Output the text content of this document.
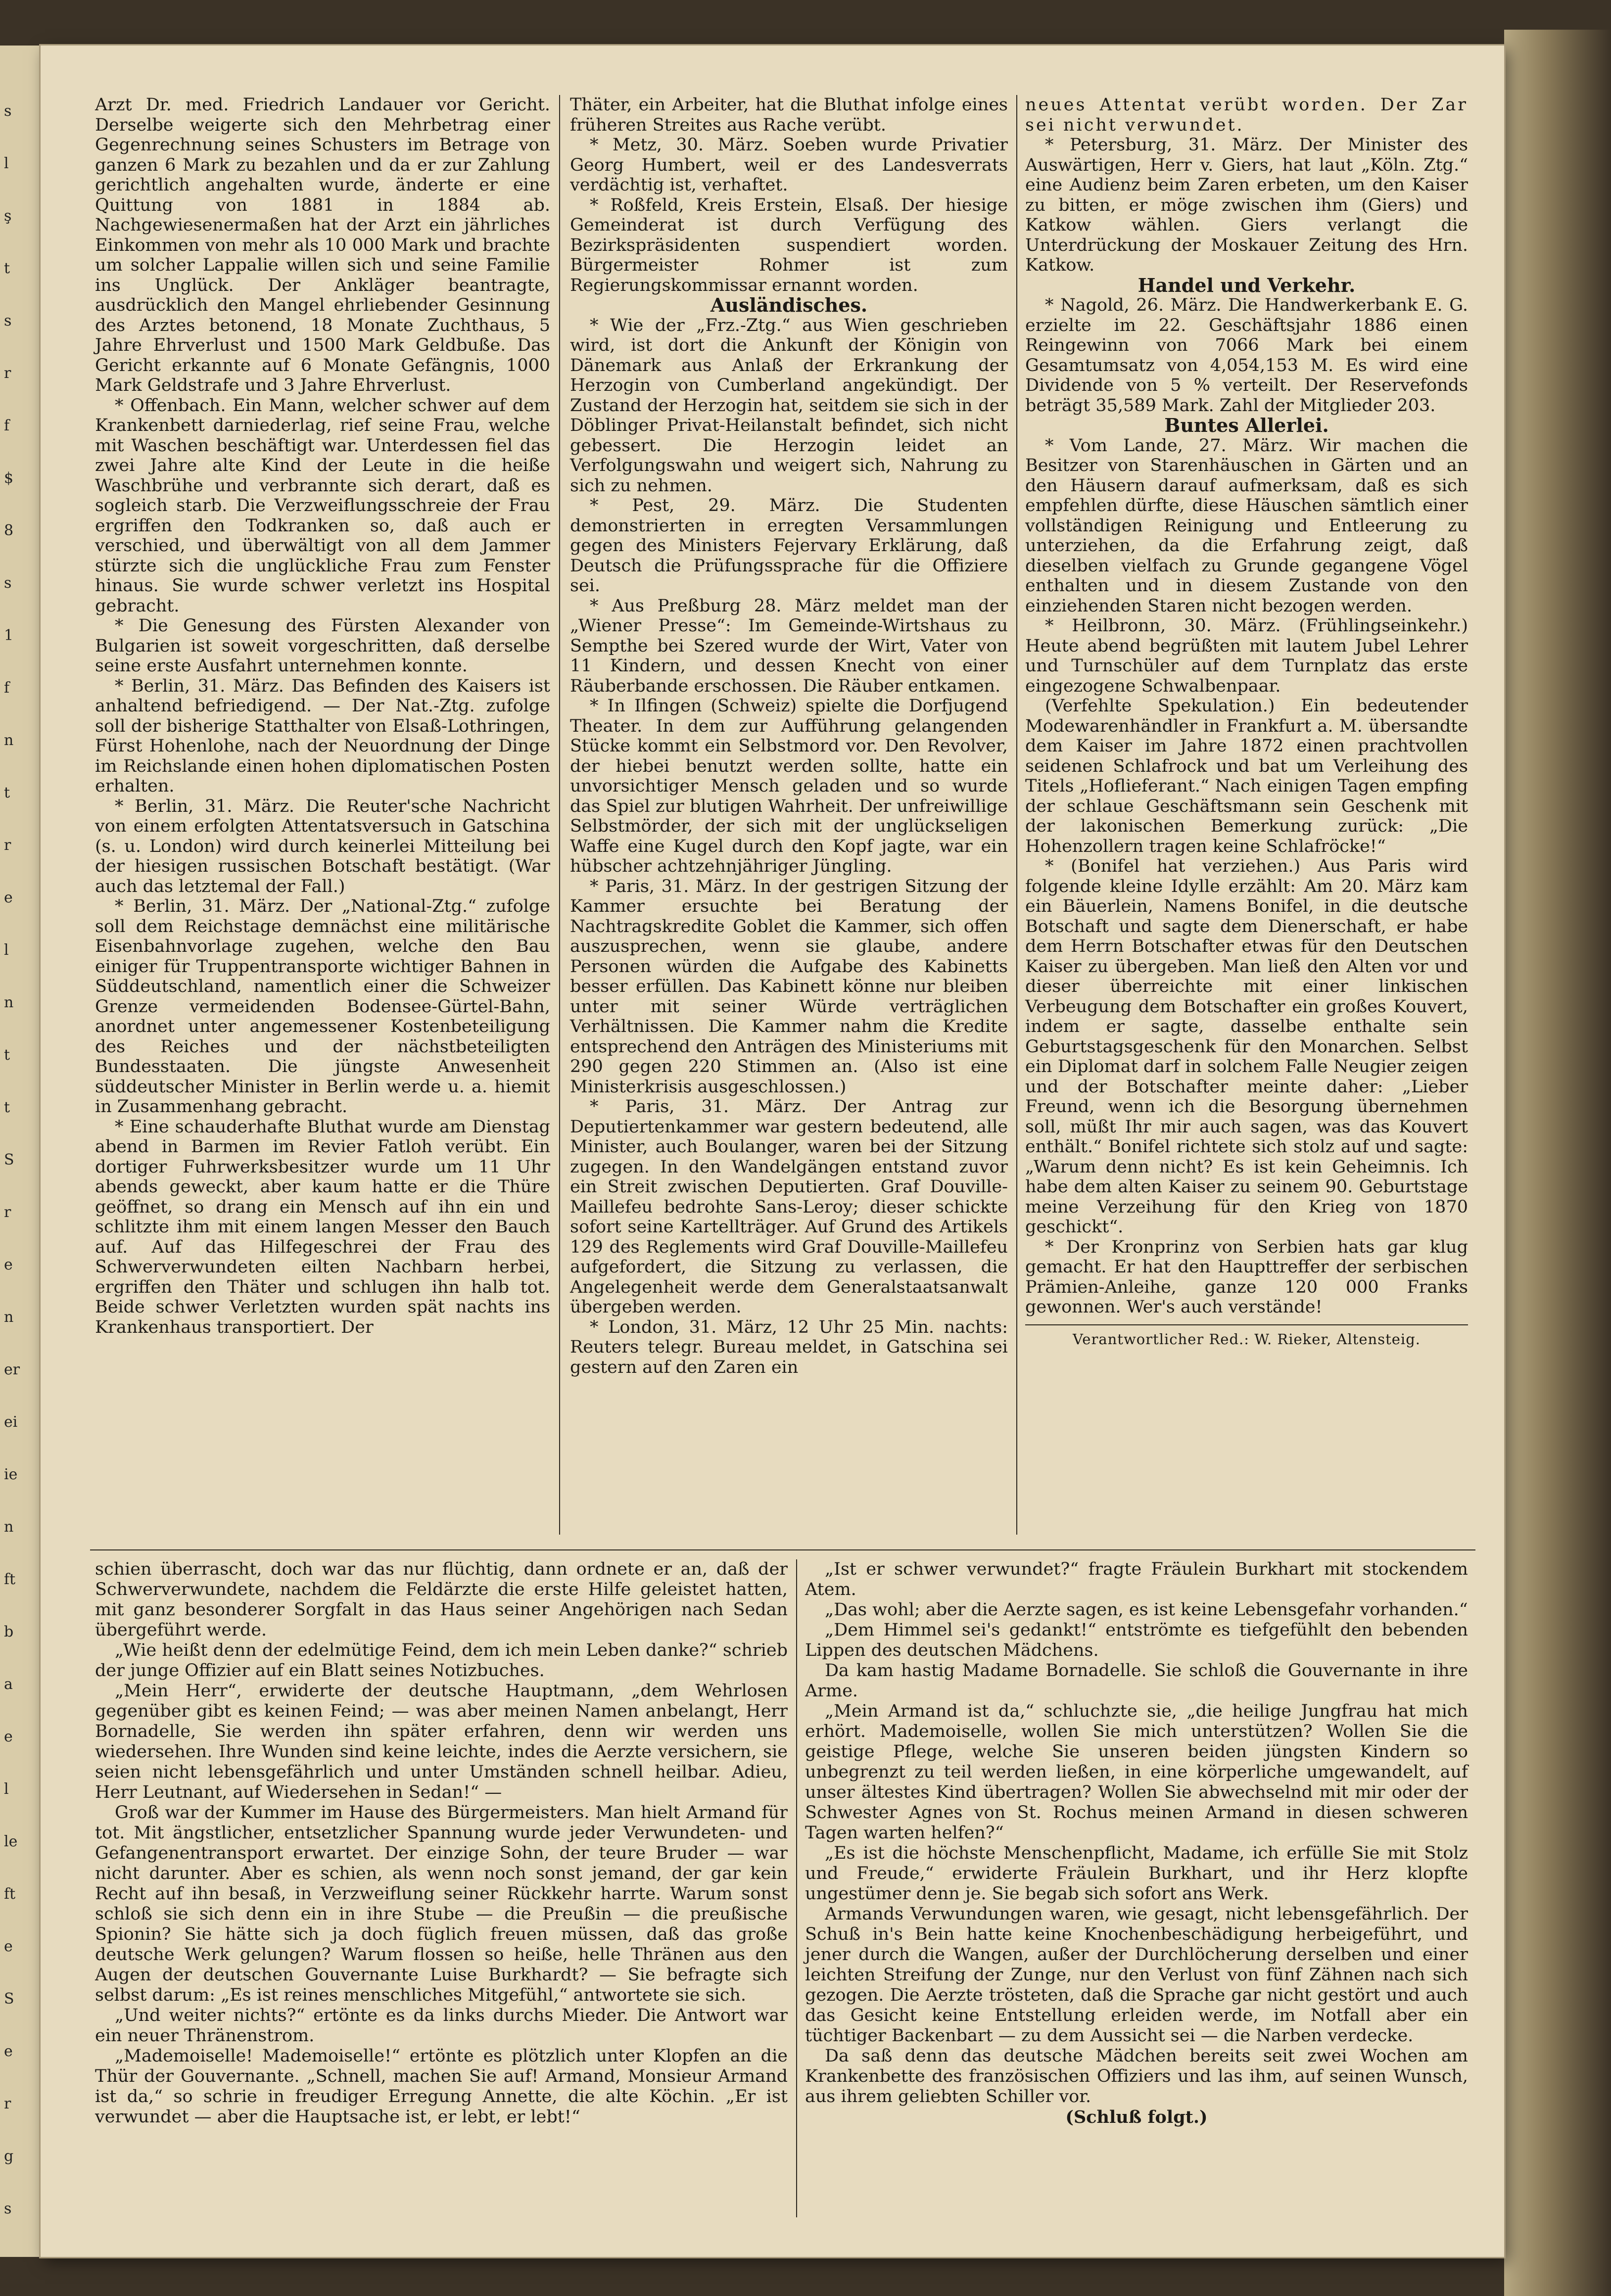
Arzt Dr. med. Friedrich Landauer vor Gericht. Derselbe weigerte sich den Mehrbetrag einer Gegenrechnung seines Schusters im Betrage von ganzen 6 Mark zu bezahlen und da er zur Zahlung gerichtlich angehalten wurde, änderte er eine Quittung von 1881 in 1884 ab. Nachgewiesenermaßen hat der Arzt ein jährliches Einkommen von mehr als 10 000 Mark und brachte um solcher Lappalie willen sich und seine Familie ins Unglück. Der Ankläger beantragte, ausdrücklich den Mangel ehrliebender Gesinnung des Arztes betonend, 18 Monate Zuchthaus, 5 Jahre Ehrverlust und 1500 Mark Geldbuße. Das Gericht erkannte auf 6 Monate Gefängnis, 1000 Mark Geldstrafe und 3 Jahre Ehrverlust.

* Offenbach. Ein Mann, welcher schwer auf dem Krankenbett darniederlag, rief seine Frau, welche mit Waschen beschäftigt war. Unterdessen fiel das zwei Jahre alte Kind der Leute in die heiße Waschbrühe und verbrannte sich derart, daß es sogleich starb. Die Verzweiflungsschreie der Frau ergriffen den Todkranken so, daß auch er verschied, und überwältigt von all dem Jammer stürzte sich die unglückliche Frau zum Fenster hinaus. Sie wurde schwer verletzt ins Hospital gebracht.

* Die Genesung des Fürsten Alexander von Bulgarien ist soweit vorgeschritten, daß derselbe seine erste Ausfahrt unternehmen konnte.

* Berlin, 31. März. Das Befinden des Kaisers ist anhaltend befriedigend. — Der Nat.-Ztg. zufolge soll der bisherige Statthalter von Elsaß-Lothringen, Fürst Hohenlohe, nach der Neuordnung der Dinge im Reichslande einen hohen diplomatischen Posten erhalten.

* Berlin, 31. März. Die Reuter'sche Nachricht von einem erfolgten Attentatsversuch in Gatschina (s. u. London) wird durch keinerlei Mitteilung bei der hiesigen russischen Botschaft bestätigt. (War auch das letztemal der Fall.)

* Berlin, 31. März. Der „National-Ztg.“ zufolge soll dem Reichstage demnächst eine militärische Eisenbahnvorlage zugehen, welche den Bau einiger für Truppentransporte wichtiger Bahnen in Süddeutschland, namentlich einer die Schweizer Grenze vermeidenden Bodensee-Gürtel-Bahn, anordnet unter angemessener Kostenbeteiligung des Reiches und der nächstbeteiligten Bundesstaaten. Die jüngste Anwesenheit süddeutscher Minister in Berlin werde u. a. hiemit in Zusammenhang gebracht.

* Eine schauderhafte Bluthat wurde am Dienstag abend in Barmen im Revier Fatloh verübt. Ein dortiger Fuhrwerksbesitzer wurde um 11 Uhr abends geweckt, aber kaum hatte er die Thüre geöffnet, so drang ein Mensch auf ihn ein und schlitzte ihm mit einem langen Messer den Bauch auf. Auf das Hilfegeschrei der Frau des Schwerverwundeten eilten Nachbarn herbei, ergriffen den Thäter und schlugen ihn halb tot. Beide schwer Verletzten wurden spät nachts ins Krankenhaus transportiert. Der

Thäter, ein Arbeiter, hat die Bluthat infolge eines früheren Streites aus Rache verübt.

* Metz, 30. März. Soeben wurde Privatier Georg Humbert, weil er des Landesverrats verdächtig ist, verhaftet.

* Roßfeld, Kreis Erstein, Elsaß. Der hiesige Gemeinderat ist durch Verfügung des Bezirkspräsidenten suspendiert worden. Bürgermeister Rohmer ist zum Regierungskommissar ernannt worden.

Ausländisches.

* Wie der „Frz.-Ztg.“ aus Wien geschrieben wird, ist dort die Ankunft der Königin von Dänemark aus Anlaß der Erkrankung der Herzogin von Cumberland angekündigt. Der Zustand der Herzogin hat, seitdem sie sich in der Döblinger Privat-Heilanstalt befindet, sich nicht gebessert. Die Herzogin leidet an Verfolgungswahn und weigert sich, Nahrung zu sich zu nehmen.

* Pest, 29. März. Die Studenten demonstrierten in erregten Versammlungen gegen des Ministers Fejervary Erklärung, daß Deutsch die Prüfungssprache für die Offiziere sei.

* Aus Preßburg 28. März meldet man der „Wiener Presse“: Im Gemeinde-Wirtshaus zu Sempthe bei Szered wurde der Wirt, Vater von 11 Kindern, und dessen Knecht von einer Räuberbande erschossen. Die Räuber entkamen.

* In Ilfingen (Schweiz) spielte die Dorfjugend Theater. In dem zur Aufführung gelangenden Stücke kommt ein Selbstmord vor. Den Revolver, der hiebei benutzt werden sollte, hatte ein unvorsichtiger Mensch geladen und so wurde das Spiel zur blutigen Wahrheit. Der unfreiwillige Selbstmörder, der sich mit der unglückseligen Waffe eine Kugel durch den Kopf jagte, war ein hübscher achtzehnjähriger Jüngling.

* Paris, 31. März. In der gestrigen Sitzung der Kammer ersuchte bei Beratung der Nachtragskredite Goblet die Kammer, sich offen auszusprechen, wenn sie glaube, andere Personen würden die Aufgabe des Kabinetts besser erfüllen. Das Kabinett könne nur bleiben unter mit seiner Würde verträglichen Verhältnissen. Die Kammer nahm die Kredite entsprechend den Anträgen des Ministeriums mit 290 gegen 220 Stimmen an. (Also ist eine Ministerkrisis ausgeschlossen.)

* Paris, 31. März. Der Antrag zur Deputiertenkammer war gestern bedeutend, alle Minister, auch Boulanger, waren bei der Sitzung zugegen. In den Wandelgängen entstand zuvor ein Streit zwischen Deputierten. Graf Douville-Maillefeu bedrohte Sans-Leroy; dieser schickte sofort seine Kartellträger. Auf Grund des Artikels 129 des Reglements wird Graf Douville-Maillefeu aufgefordert, die Sitzung zu verlassen, die Angelegenheit werde dem Generalstaatsanwalt übergeben werden.

* London, 31. März, 12 Uhr 25 Min. nachts: Reuters telegr. Bureau meldet, in Gatschina sei gestern auf den Zaren ein

neues Attentat verübt worden. Der Zar sei nicht verwundet.

* Petersburg, 31. März. Der Minister des Auswärtigen, Herr v. Giers, hat laut „Köln. Ztg.“ eine Audienz beim Zaren erbeten, um den Kaiser zu bitten, er möge zwischen ihm (Giers) und Katkow wählen. Giers verlangt die Unterdrückung der Moskauer Zeitung des Hrn. Katkow.

Handel und Verkehr.

* Nagold, 26. März. Die Handwerkerbank E. G. erzielte im 22. Geschäftsjahr 1886 einen Reingewinn von 7066 Mark bei einem Gesamtumsatz von 4,054,153 M. Es wird eine Dividende von 5 % verteilt. Der Reservefonds beträgt 35,589 Mark. Zahl der Mitglieder 203.

Buntes Allerlei.

* Vom Lande, 27. März. Wir machen die Besitzer von Starenhäuschen in Gärten und an den Häusern darauf aufmerksam, daß es sich empfehlen dürfte, diese Häuschen sämtlich einer vollständigen Reinigung und Entleerung zu unterziehen, da die Erfahrung zeigt, daß dieselben vielfach zu Grunde gegangene Vögel enthalten und in diesem Zustande von den einziehenden Staren nicht bezogen werden.

* Heilbronn, 30. März. (Frühlingseinkehr.) Heute abend begrüßten mit lautem Jubel Lehrer und Turnschüler auf dem Turnplatz das erste eingezogene Schwalbenpaar.

(Verfehlte Spekulation.) Ein bedeutender Modewarenhändler in Frankfurt a. M. übersandte dem Kaiser im Jahre 1872 einen prachtvollen seidenen Schlafrock und bat um Verleihung des Titels „Hoflieferant.“ Nach einigen Tagen empfing der schlaue Geschäftsmann sein Geschenk mit der lakonischen Bemerkung zurück: „Die Hohenzollern tragen keine Schlafröcke!“

* (Bonifel hat verziehen.) Aus Paris wird folgende kleine Idylle erzählt: Am 20. März kam ein Bäuerlein, Namens Bonifel, in die deutsche Botschaft und sagte dem Dienerschaft, er habe dem Herrn Botschafter etwas für den Deutschen Kaiser zu übergeben. Man ließ den Alten vor und dieser überreichte mit einer linkischen Verbeugung dem Botschafter ein großes Kouvert, indem er sagte, dasselbe enthalte sein Geburtstagsgeschenk für den Monarchen. Selbst ein Diplomat darf in solchem Falle Neugier zeigen und der Botschafter meinte daher: „Lieber Freund, wenn ich die Besorgung übernehmen soll, müßt Ihr mir auch sagen, was das Kouvert enthält.“ Bonifel richtete sich stolz auf und sagte: „Warum denn nicht? Es ist kein Geheimnis. Ich habe dem alten Kaiser zu seinem 90. Geburtstage meine Verzeihung für den Krieg von 1870 geschickt“.

* Der Kronprinz von Serbien hats gar klug gemacht. Er hat den Haupttreffer der serbischen Prämien-Anleihe, ganze 120 000 Franks gewonnen. Wer's auch verstände!

Verantwortlicher Red.: W. Rieker, Altensteig.

schien überrascht, doch war das nur flüchtig, dann ordnete er an, daß der Schwerverwundete, nachdem die Feldärzte die erste Hilfe geleistet hatten, mit ganz besonderer Sorgfalt in das Haus seiner Angehörigen nach Sedan übergeführt werde.

„Wie heißt denn der edelmütige Feind, dem ich mein Leben danke?“ schrieb der junge Offizier auf ein Blatt seines Notizbuches.

„Mein Herr“, erwiderte der deutsche Hauptmann, „dem Wehrlosen gegenüber gibt es keinen Feind; — was aber meinen Namen anbelangt, Herr Bornadelle, Sie werden ihn später erfahren, denn wir werden uns wiedersehen. Ihre Wunden sind keine leichte, indes die Aerzte versichern, sie seien nicht lebensgefährlich und unter Umständen schnell heilbar. Adieu, Herr Leutnant, auf Wiedersehen in Sedan!“ —

Groß war der Kummer im Hause des Bürgermeisters. Man hielt Armand für tot. Mit ängstlicher, entsetzlicher Spannung wurde jeder Verwundeten- und Gefangenentransport erwartet. Der einzige Sohn, der teure Bruder — war nicht darunter. Aber es schien, als wenn noch sonst jemand, der gar kein Recht auf ihn besaß, in Verzweiflung seiner Rückkehr harrte. Warum sonst schloß sie sich denn ein in ihre Stube — die Preußin — die preußische Spionin? Sie hätte sich ja doch füglich freuen müssen, daß das große deutsche Werk gelungen? Warum flossen so heiße, helle Thränen aus den Augen der deutschen Gouvernante Luise Burkhardt? — Sie befragte sich selbst darum: „Es ist reines menschliches Mitgefühl,“ antwortete sie sich.

„Und weiter nichts?“ ertönte es da links durchs Mieder. Die Antwort war ein neuer Thränenstrom.

„Mademoiselle! Mademoiselle!“ ertönte es plötzlich unter Klopfen an die Thür der Gouvernante. „Schnell, machen Sie auf! Armand, Monsieur Armand ist da,“ so schrie in freudiger Erregung Annette, die alte Köchin. „Er ist verwundet — aber die Hauptsache ist, er lebt, er lebt!“

„Ist er schwer verwundet?“ fragte Fräulein Burkhart mit stockendem Atem.

„Das wohl; aber die Aerzte sagen, es ist keine Lebensgefahr vorhanden.“

„Dem Himmel sei's gedankt!“ entströmte es tiefgefühlt den bebenden Lippen des deutschen Mädchens.

Da kam hastig Madame Bornadelle. Sie schloß die Gouvernante in ihre Arme.

„Mein Armand ist da,“ schluchzte sie, „die heilige Jungfrau hat mich erhört. Mademoiselle, wollen Sie mich unterstützen? Wollen Sie die geistige Pflege, welche Sie unseren beiden jüngsten Kindern so unbegrenzt zu teil werden ließen, in eine körperliche umgewandelt, auf unser ältestes Kind übertragen? Wollen Sie abwechselnd mit mir oder der Schwester Agnes von St. Rochus meinen Armand in diesen schweren Tagen warten helfen?“

„Es ist die höchste Menschenpflicht, Madame, ich erfülle Sie mit Stolz und Freude,“ erwiderte Fräulein Burkhart, und ihr Herz klopfte ungestümer denn je. Sie begab sich sofort ans Werk.

Armands Verwundungen waren, wie gesagt, nicht lebensgefährlich. Der Schuß in's Bein hatte keine Knochenbeschädigung herbeigeführt, und jener durch die Wangen, außer der Durchlöcherung derselben und einer leichten Streifung der Zunge, nur den Verlust von fünf Zähnen nach sich gezogen. Die Aerzte trösteten, daß die Sprache gar nicht gestört und auch das Gesicht keine Entstellung erleiden werde, im Notfall aber ein tüchtiger Backenbart — zu dem Aussicht sei — die Narben verdecke.

Da saß denn das deutsche Mädchen bereits seit zwei Wochen am Krankenbette des französischen Offiziers und las ihm, auf seinen Wunsch, aus ihrem geliebten Schiller vor.

(Schluß folgt.)

s
l
ş
t
s
r
f
$
8
s
1
f
n
t
r
e
l
n
t
t
S
r
e
n
er
ei
ie
n
ft
b
a
e
l
le
ft
e
S
e
r
g
s
